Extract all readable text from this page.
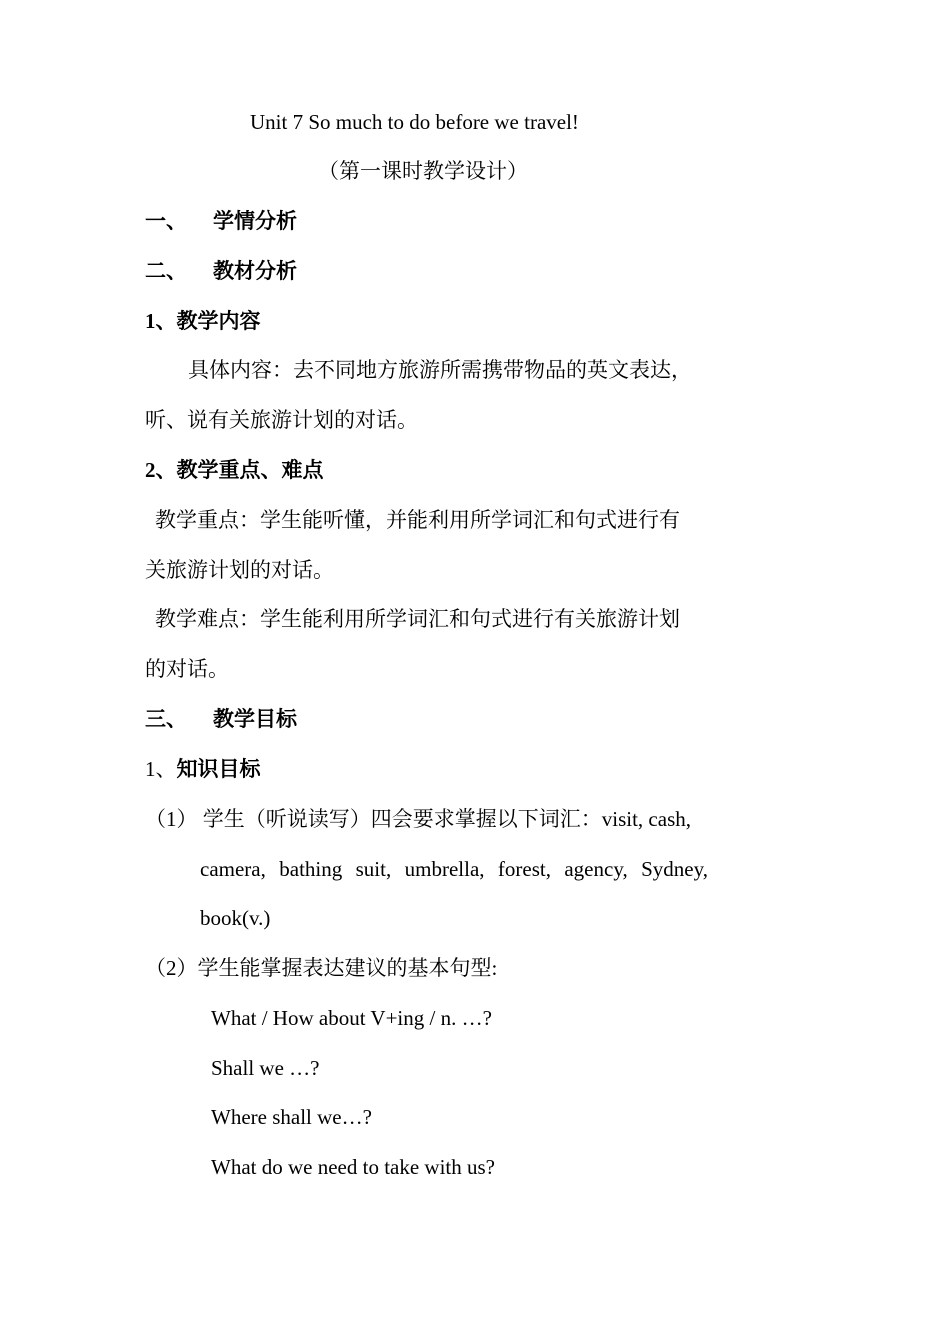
Unit 7 So much to do before we travel!
（第一课时教学设计）
一、 学情分析
二、 教材分析
1、教学内容
具体内容：去不同地方旅游所需携带物品的英文表达，
听、说有关旅游计划的对话。
2、教学重点、难点
教学重点：学生能听懂，并能利用所学词汇和句式进行有
关旅游计划的对话。
教学难点：学生能利用所学词汇和句式进行有关旅游计划
的对话。
三、 教学目标
1、知识目标
（1） 学生（听说读写）四会要求掌握以下词汇：visit, cash,
camera, bathing suit, umbrella, forest, agency, Sydney,
book(v.)
（2）学生能掌握表达建议的基本句型:
What / How about V+ing / n. …?
Shall we …?
Where shall we…?
What do we need to take with us?
